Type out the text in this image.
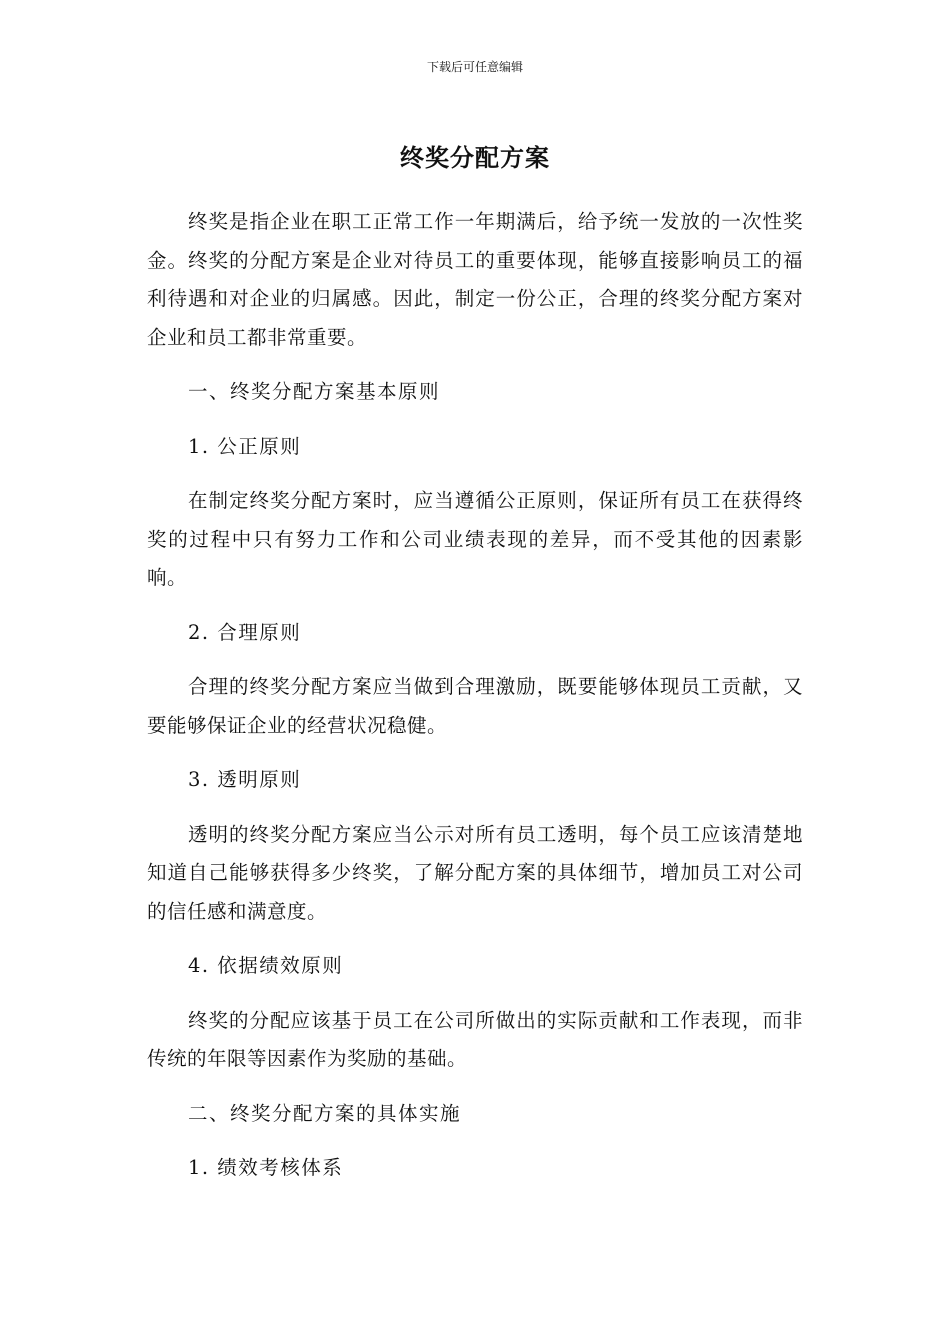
下载后可任意编辑
终奖分配方案

终奖是指企业在职工正常工作一年期满后，给予统一发放的一次性奖金。终奖的分配方案是企业对待员工的重要体现，能够直接影响员工的福利待遇和对企业的归属感。因此，制定一份公正，合理的终奖分配方案对企业和员工都非常重要。

一、终奖分配方案基本原则

1. 公正原则

在制定终奖分配方案时，应当遵循公正原则，保证所有员工在获得终奖的过程中只有努力工作和公司业绩表现的差异，而不受其他的因素影响。

2. 合理原则

合理的终奖分配方案应当做到合理激励，既要能够体现员工贡献，又要能够保证企业的经营状况稳健。

3. 透明原则

透明的终奖分配方案应当公示对所有员工透明，每个员工应该清楚地知道自己能够获得多少终奖，了解分配方案的具体细节，增加员工对公司的信任感和满意度。

4. 依据绩效原则

终奖的分配应该基于员工在公司所做出的实际贡献和工作表现，而非传统的年限等因素作为奖励的基础。

二、终奖分配方案的具体实施

1. 绩效考核体系
